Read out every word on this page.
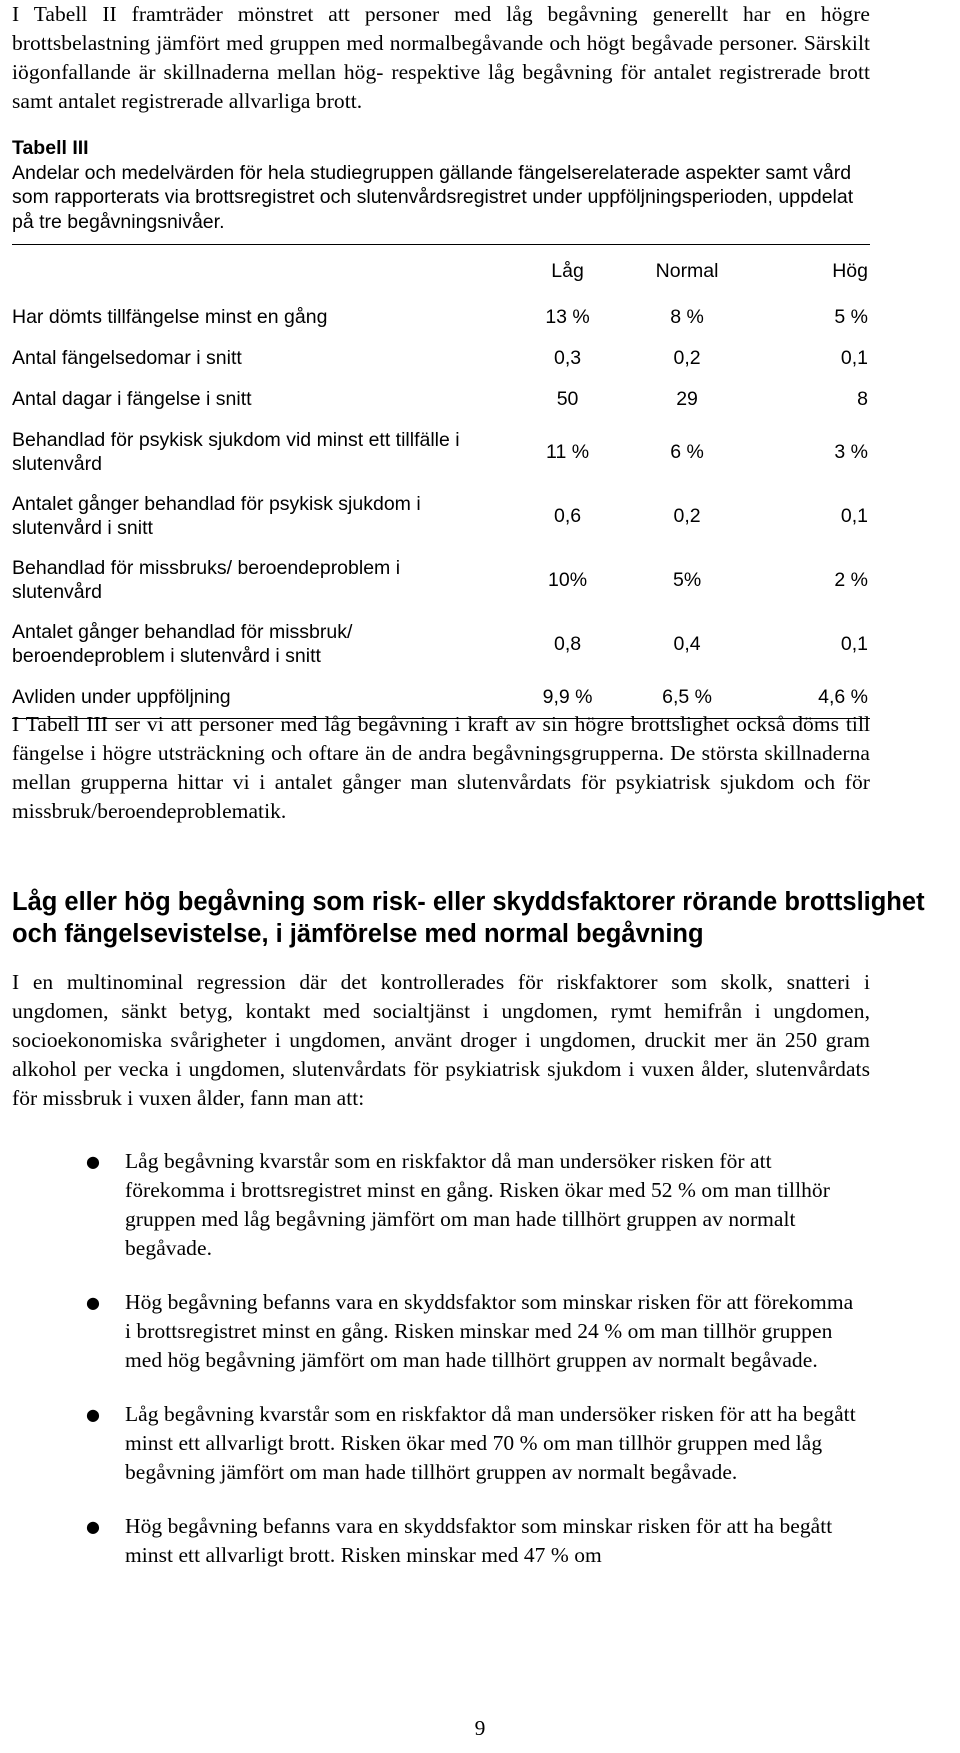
I Tabell II framträder mönstret att personer med låg begåvning generellt har en högre brottsbelastning jämfört med gruppen med normalbegåvande och högt begåvade personer. Särskilt iögonfallande är skillnaderna mellan hög- respektive låg begåvning för antalet registrerade brott samt antalet registrerade allvarliga brott.

Tabell III
Andelar och medelvärden för hela studiegruppen gällande fängelserelaterade aspekter samt vård som rapporterats via brottsregistret och slutenvårdsregistret under uppföljningsperioden, uppdelat på tre begåvningsnivåer.
	Låg	Normal	Hög
Har dömts tillfängelse minst en gång	13 %	8 %	5 %
Antal fängelsedomar i snitt	0,3	0,2	0,1
Antal dagar i fängelse i snitt	50	29	8
Behandlad för psykisk sjukdom vid minst ett tillfälle i slutenvård	11 %	6 %	3 %
Antalet gånger behandlad för psykisk sjukdom i slutenvård i snitt	0,6	0,2	0,1
Behandlad för missbruks/ beroendeproblem i slutenvård	10%	5%	2 %
Antalet gånger behandlad för missbruk/ beroendeproblem i slutenvård i snitt	0,8	0,4	0,1
Avliden under uppföljning	9,9 %	6,5 %	4,6 %

I Tabell III ser vi att personer med låg begåvning i kraft av sin högre brottslighet också döms till fängelse i högre utsträckning och oftare än de andra begåvningsgrupperna. De största skillnaderna mellan grupperna hittar vi i antalet gånger man slutenvårdats för psykiatrisk sjukdom och för missbruk/beroendeproblematik.

Låg eller hög begåvning som risk- eller skyddsfaktorer rörande brottslighet och fängelsevistelse, i jämförelse med normal begåvning

I en multinominal regression där det kontrollerades för riskfaktorer som skolk, snatteri i ungdomen, sänkt betyg, kontakt med socialtjänst i ungdomen, rymt hemifrån i ungdomen, socioekonomiska svårigheter i ungdomen, använt droger i ungdomen, druckit mer än 250 gram alkohol per vecka i ungdomen, slutenvårdats för psykiatrisk sjukdom i vuxen ålder, slutenvårdats för missbruk i vuxen ålder, fann man att:

● Låg begåvning kvarstår som en riskfaktor då man undersöker risken för att förekomma i brottsregistret minst en gång. Risken ökar med 52 % om man tillhör gruppen med låg begåvning jämfört om man hade tillhört gruppen av normalt begåvade.
● Hög begåvning befanns vara en skyddsfaktor som minskar risken för att förekomma i brottsregistret minst en gång. Risken minskar med 24 % om man tillhör gruppen med hög begåvning jämfört om man hade tillhört gruppen av normalt begåvade.
● Låg begåvning kvarstår som en riskfaktor då man undersöker risken för att ha begått minst ett allvarligt brott. Risken ökar med 70 % om man tillhör gruppen med låg begåvning jämfört om man hade tillhört gruppen av normalt begåvade.
● Hög begåvning befanns vara en skyddsfaktor som minskar risken för att ha begått minst ett allvarligt brott. Risken minskar med 47 % om
9
